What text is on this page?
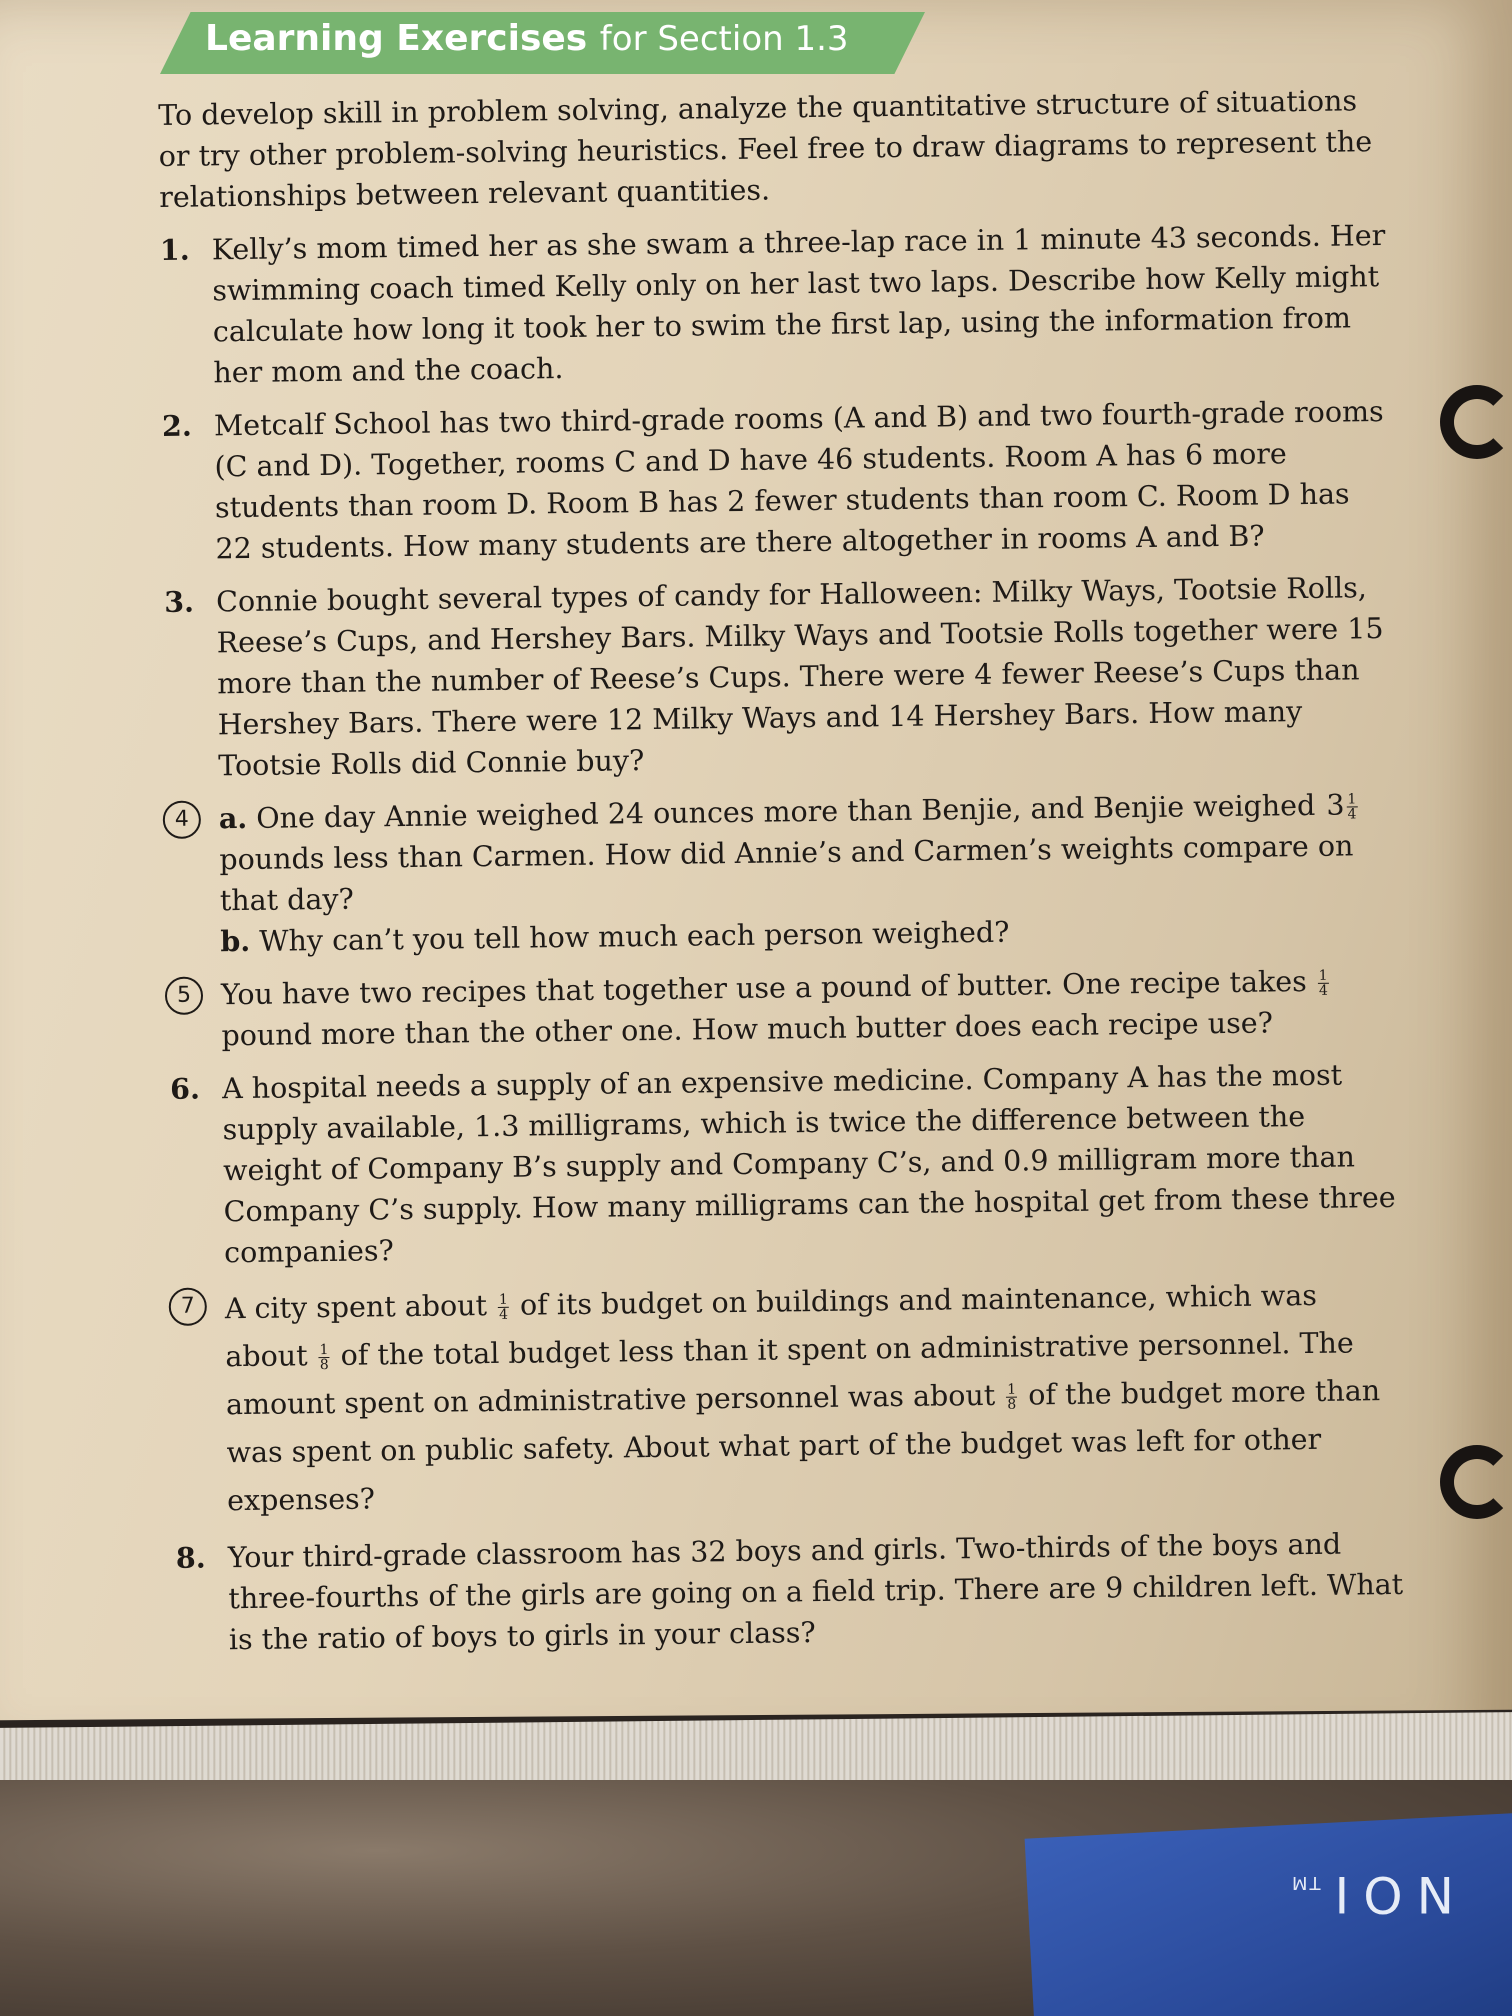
Learning Exercises for Section 1.3

To develop skill in problem solving, analyze the quantitative structure of situations or try other problem-solving heuristics. Feel free to draw diagrams to represent the relationships between relevant quantities.

1. Kelly’s mom timed her as she swam a three-lap race in 1 minute 43 seconds. Her swimming coach timed Kelly only on her last two laps. Describe how Kelly might calculate how long it took her to swim the first lap, using the information from her mom and the coach.
2. Metcalf School has two third-grade rooms (A and B) and two fourth-grade rooms (C and D). Together, rooms C and D have 46 students. Room A has 6 more students than room D. Room B has 2 fewer students than room C. Room D has 22 students. How many students are there altogether in rooms A and B?
3. Connie bought several types of candy for Halloween: Milky Ways, Tootsie Rolls, Reese’s Cups, and Hershey Bars. Milky Ways and Tootsie Rolls together were 15 more than the number of Reese’s Cups. There were 4 fewer Reese’s Cups than Hershey Bars. There were 12 Milky Ways and 14 Hershey Bars. How many Tootsie Rolls did Connie buy?
4	a. One day Annie weighed 24 ounces more than Benjie, and Benjie weighed $3 \frac{1}{4}$
pounds less than Carmen. How did Annie’s and Carmen’s weights compare on that day?
b. Why can’t you tell how much each person weighed?
5	You have two recipes that together use a pound of butter. One recipe takes $\frac{1}{4}$
pound more than the other one. How much butter does each recipe use?
6. A hospital needs a supply of an expensive medicine. Company A has the most supply available, 1.3 milligrams, which is twice the difference between the weight of Company B’s supply and Company C’s, and 0.9 milligram more than Company C’s supply. How many milligrams can the hospital get from these three companies?
7	A city spent about $\frac{1}{4}$ of its budget on buildings and maintenance, which was about $\frac{1}{8}$ of the total budget less than it spent on administrative personnel. The amount spent on administrative personnel was about $\frac{1}{8}$ of the budget more than was spent on public safety. About what part of the budget was left for other expenses?
8. Your third-grade classroom has 32 boys and girls. Two-thirds of the boys and three-fourths of the girls are going on a field trip. There are 9 children left. What is the ratio of boys to girls in your class?
NOITM
